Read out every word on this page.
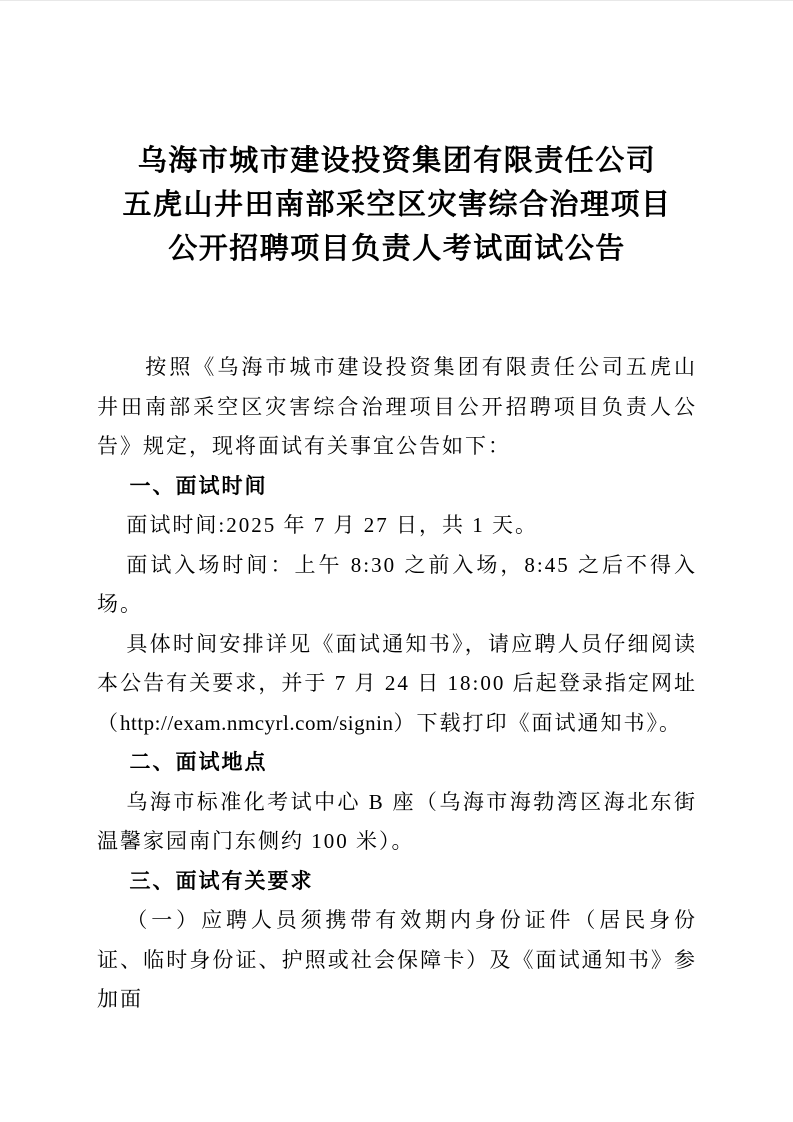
乌海市城市建设投资集团有限责任公司
五虎山井田南部采空区灾害综合治理项目
公开招聘项目负责人考试面试公告

按照《乌海市城市建设投资集团有限责任公司五虎山井田南部采空区灾害综合治理项目公开招聘项目负责人公告》规定，现将面试有关事宜公告如下：

一、面试时间

面试时间:2025 年 7 月 27 日，共 1 天。

面试入场时间：上午 8:30 之前入场，8:45 之后不得入场。

具体时间安排详见《面试通知书》，请应聘人员仔细阅读本公告有关要求，并于 7 月 24 日 18:00 后起登录指定网址（http://exam.nmcyrl.com/signin）下载打印《面试通知书》。

二、面试地点

乌海市标准化考试中心 B 座（乌海市海勃湾区海北东街温馨家园南门东侧约 100 米）。

三、面试有关要求

（一）应聘人员须携带有效期内身份证件（居民身份证、临时身份证、护照或社会保障卡）及《面试通知书》参加面
